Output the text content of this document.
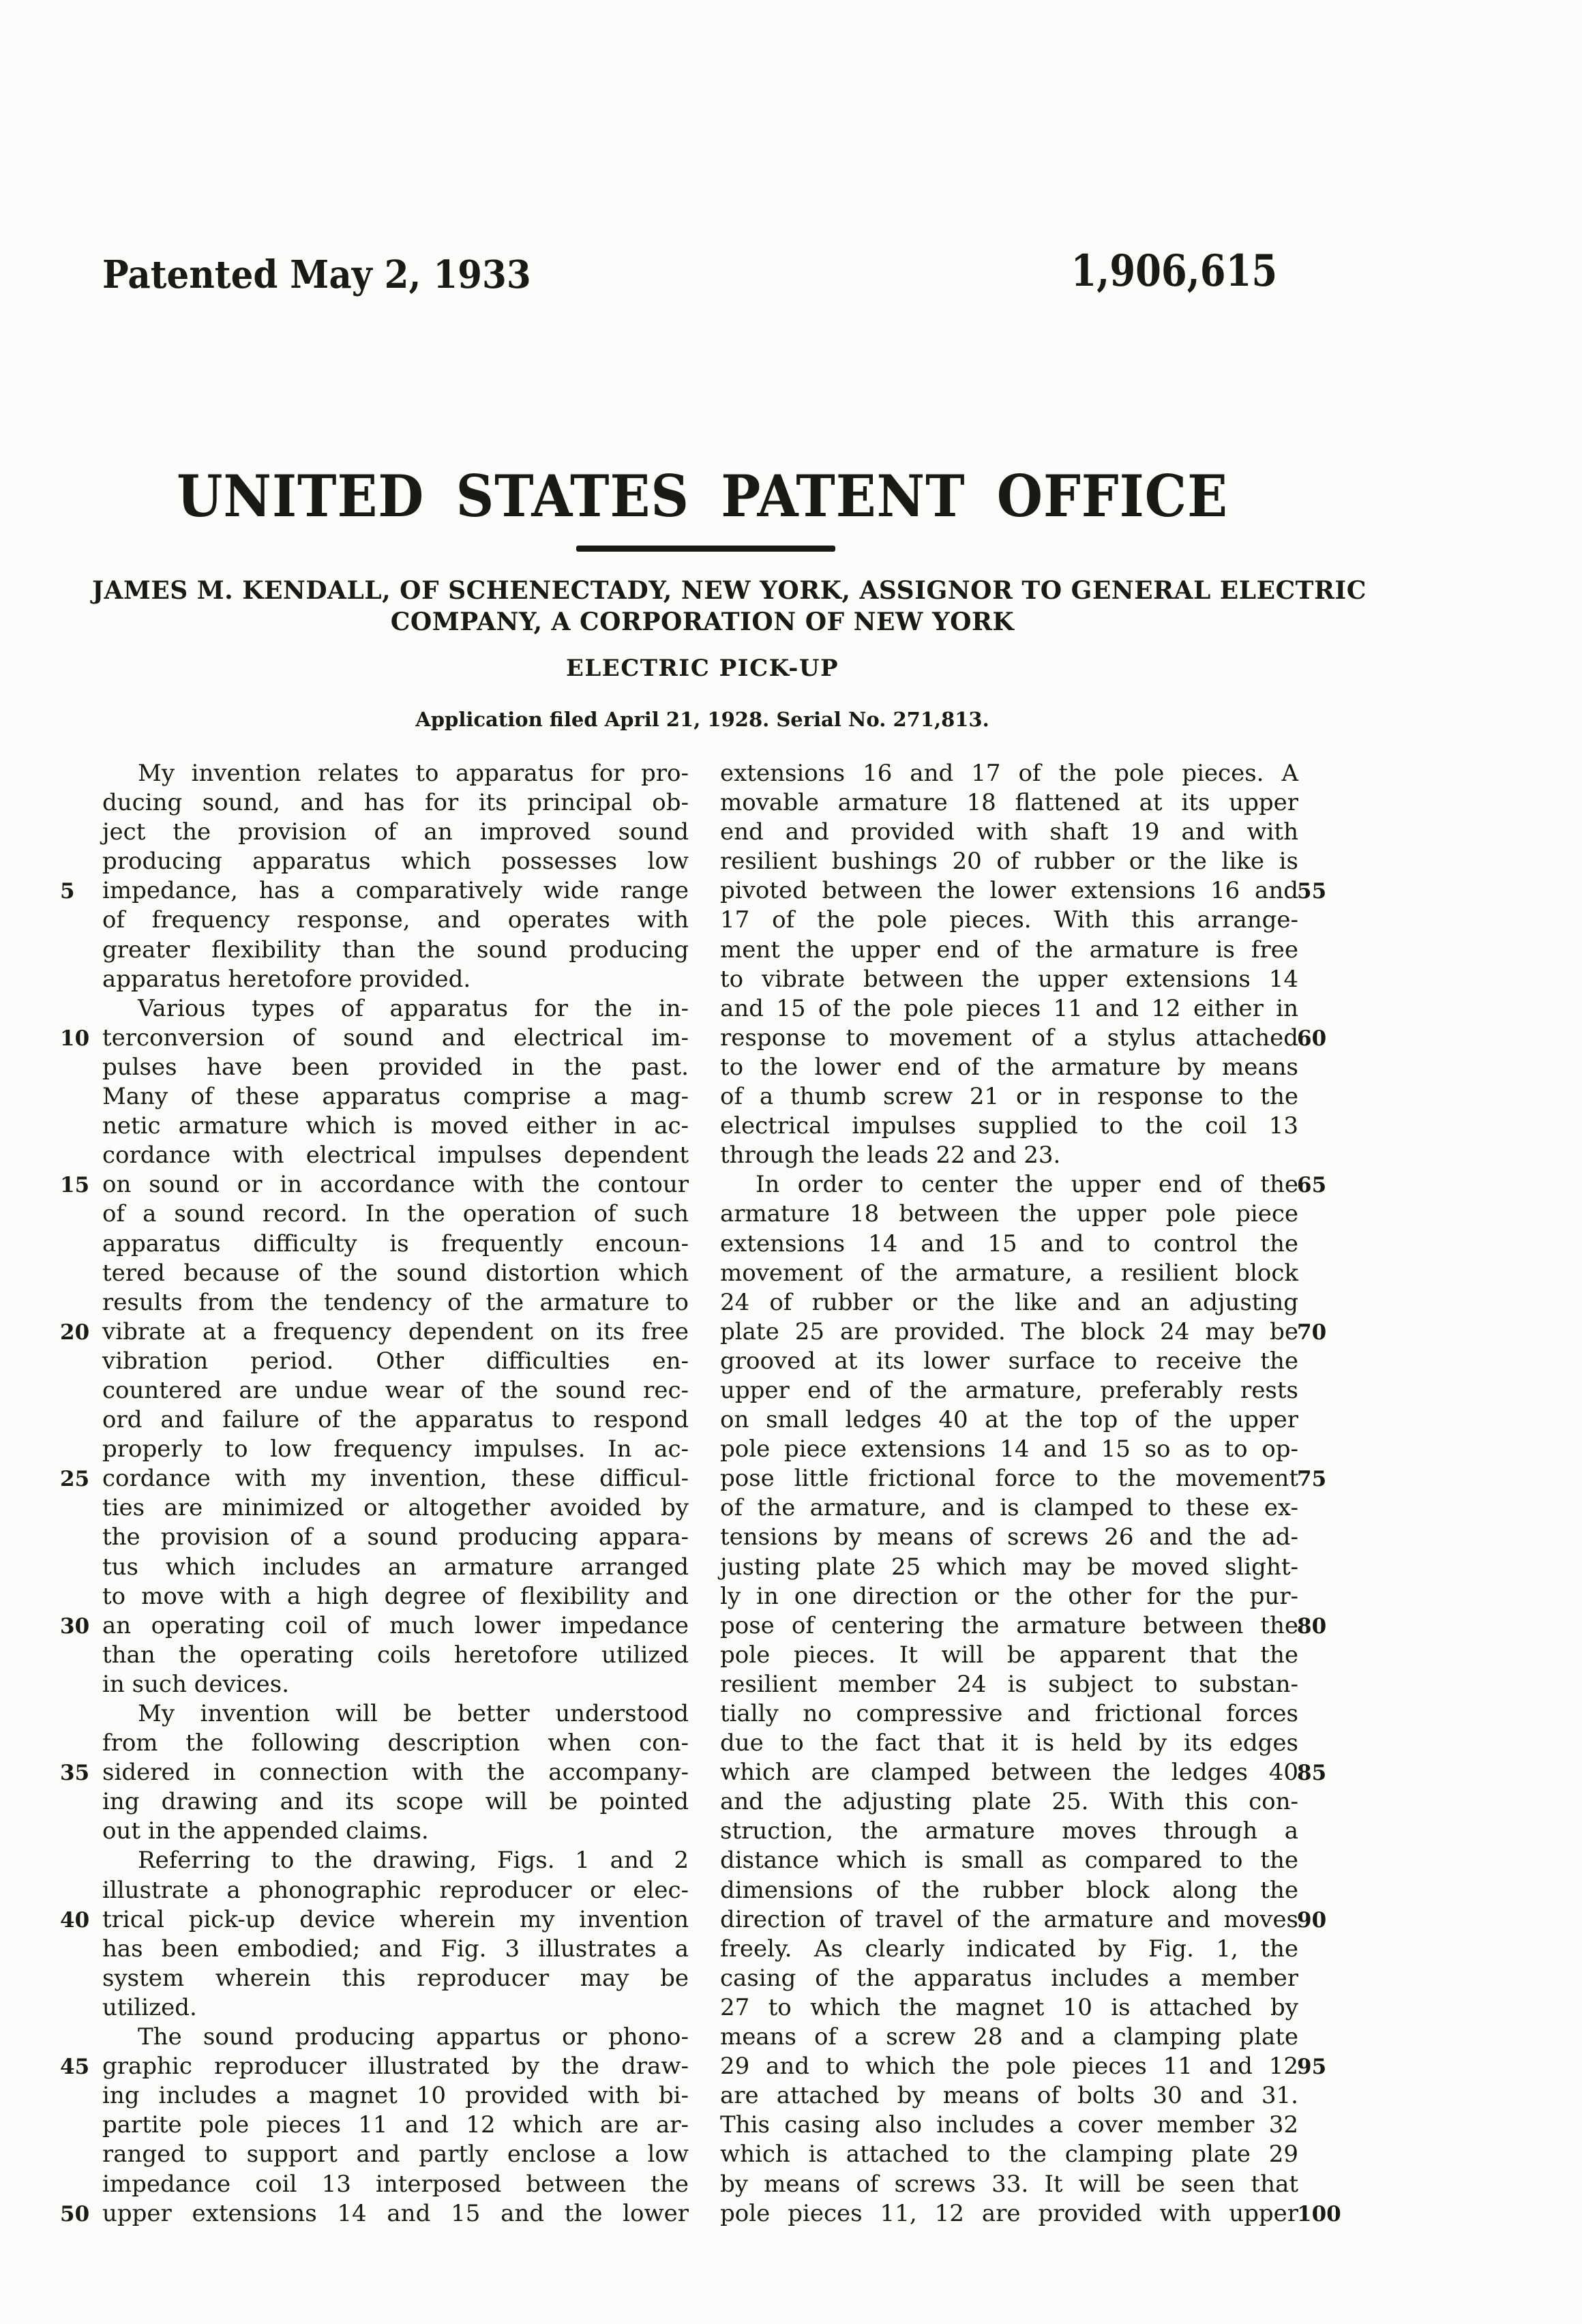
Patented May 2, 1933	1,906,615
UNITED STATES PATENT OFFICE
JAMES M. KENDALL, OF SCHENECTADY, NEW YORK, ASSIGNOR TO GENERAL ELECTRIC
COMPANY, A CORPORATION OF NEW YORK
ELECTRIC PICK-UP
Application filed April 21, 1928. Serial No. 271,813.
My invention relates to apparatus for pro-
ducing sound, and has for its principal ob-
ject the provision of an improved sound
producing apparatus which possesses low
5	impedance, has a comparatively wide range
of frequency response, and operates with
greater flexibility than the sound producing
apparatus heretofore provided.
Various types of apparatus for the in-
10 terconversion of sound and electrical im-
pulses have been provided in the past.
Many of these apparatus comprise a mag-
netic armature which is moved either in ac-
cordance with electrical impulses dependent
15 on sound or in accordance with the contour
of a sound record. In the operation of such
apparatus difficulty is frequently encoun-
tered because of the sound distortion which
results from the tendency of the armature to
20 vibrate at a frequency dependent on its free
vibration period. Other difficulties en-
countered are undue wear of the sound rec-
ord and failure of the apparatus to respond
properly to low frequency impulses. In ac-
25 cordance with my invention, these difficul-
ties are minimized or altogether avoided by
the provision of a sound producing appara-
tus which includes an armature arranged
to move with a high degree of flexibility and
30 an operating coil of much lower impedance
than the operating coils heretofore utilized
in such devices.
My invention will be better understood
from the following description when con-
35 sidered in connection with the accompany-
ing drawing and its scope will be pointed
out in the appended claims.
Referring to the drawing, Figs. 1 and 2
illustrate a phonographic reproducer or elec-
40 trical pick-up device wherein my invention
has been embodied; and Fig. 3 illustrates a
system wherein this reproducer may be
utilized.
The sound producing appartus or phono-
45 graphic reproducer illustrated by the draw-
ing includes a magnet 10 provided with bi-
partite pole pieces 11 and 12 which are ar-
ranged to support and partly enclose a low
impedance coil 13 interposed between the
50 upper extensions 14 and 15 and the lower
extensions 16 and 17 of the pole pieces. A
movable armature 18 flattened at its upper
end and provided with shaft 19 and with
resilient bushings 20 of rubber or the like is
55
pivoted between the lower extensions 16 and
17 of the pole pieces. With this arrange-
ment the upper end of the armature is free
to vibrate between the upper extensions 14
and 15 of the pole pieces 11 and 12 either in
60
response to movement of a stylus attached
to the lower end of the armature by means
of a thumb screw 21 or in response to the
electrical impulses supplied to the coil 13
through the leads 22 and 23.
65
In order to center the upper end of the
armature 18 between the upper pole piece
extensions 14 and 15 and to control the
movement of the armature, a resilient block
24 of rubber or the like and an adjusting
70
plate 25 are provided. The block 24 may be
grooved at its lower surface to receive the
upper end of the armature, preferably rests
on small ledges 40 at the top of the upper
pole piece extensions 14 and 15 so as to op-
75
pose little frictional force to the movement
of the armature, and is clamped to these ex-
tensions by means of screws 26 and the ad-
justing plate 25 which may be moved slight-
ly in one direction or the other for the pur-
80
pose of centering the armature between the
pole pieces. It will be apparent that the
resilient member 24 is subject to substan-
tially no compressive and frictional forces
due to the fact that it is held by its edges
85
which are clamped between the ledges 40
and the adjusting plate 25. With this con-
struction, the armature moves through a
distance which is small as compared to the
dimensions of the rubber block along the
90
direction of travel of the armature and moves
freely. As clearly indicated by Fig. 1, the
casing of the apparatus includes a member
27 to which the magnet 10 is attached by
means of a screw 28 and a clamping plate
95
29 and to which the pole pieces 11 and 12
are attached by means of bolts 30 and 31.
This casing also includes a cover member 32
which is attached to the clamping plate 29
by means of screws 33. It will be seen that
100
pole pieces 11, 12 are provided with upper
